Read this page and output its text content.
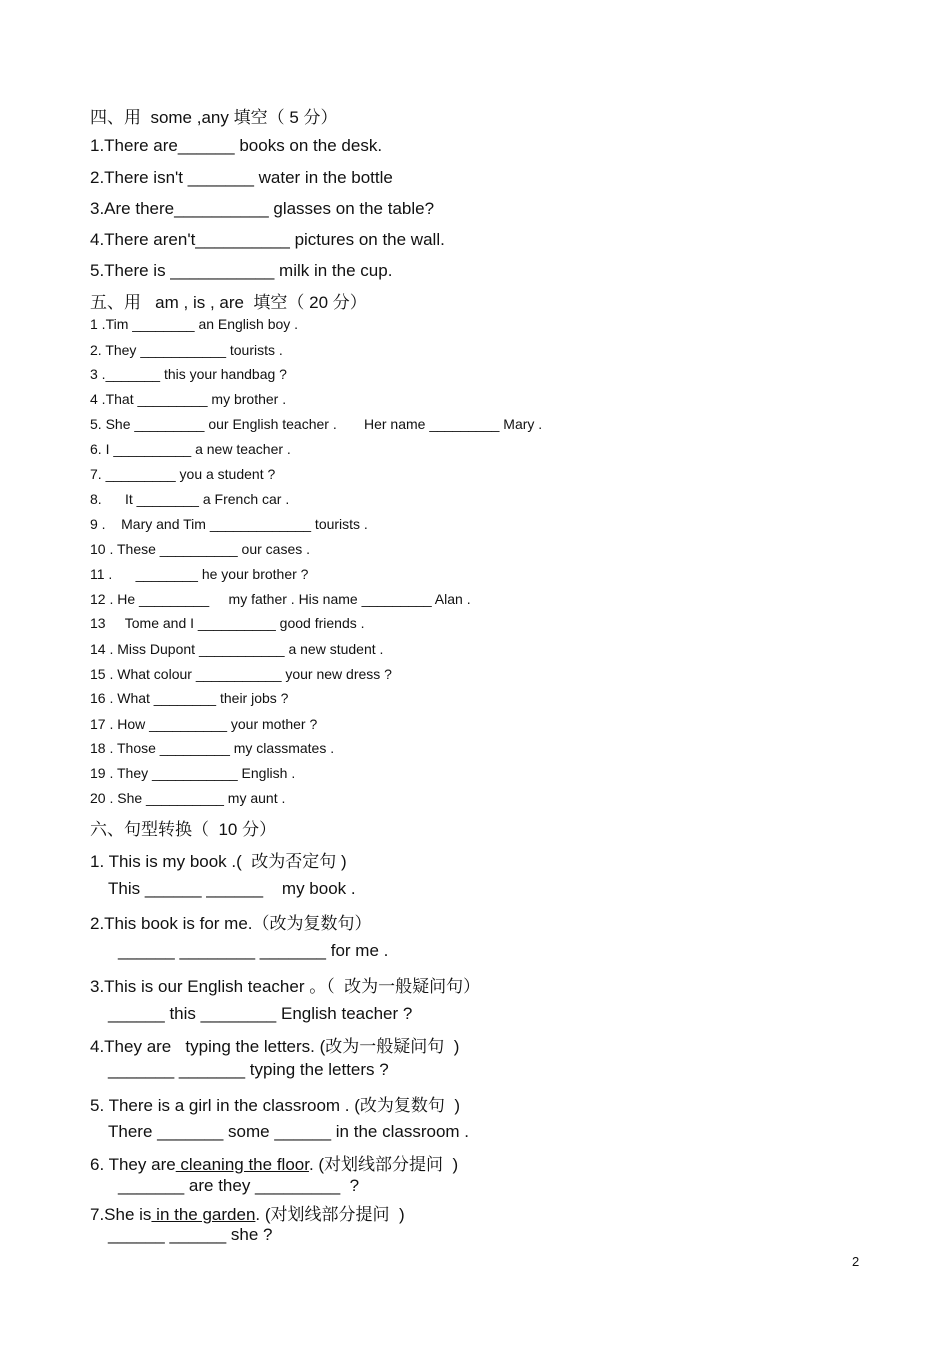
四、用  some ,any 填空（ 5 分）

1.There are______ books on the desk.

2.There isn't _______ water in the bottle

3.Are there__________ glasses on the table?

4.There aren't__________ pictures on the wall.

5.There is ___________ milk in the cup.

五、用   am , is , are  填空（ 20 分）

1 .Tim ________ an English boy .

2. They ___________ tourists .

3 ._______ this your handbag ?

4 .That _________ my brother .

5. She _________ our English teacher .       Her name _________ Mary .

6. I __________ a new teacher .

7. _________ you a student ?

8.      It ________ a French car .

9 .    Mary and Tim _____________ tourists .

10 . These __________ our cases .

11 .      ________ he your brother ?

12 . He _________     my father . His name _________ Alan .

13     Tome and I __________ good friends .

14 . Miss Dupont ___________ a new student .

15 . What colour ___________ your new dress ?

16 . What ________ their jobs ?

17 . How __________ your mother ?

18 . Those _________ my classmates .

19 . They ___________ English .

20 . She __________ my aunt .

六、句型转换（  10 分）

1. This is my book .(  改为否定句 )

This ______ ______    my book .

2.This book is for me.（改为复数句）

______ ________ _______ for me .

3.This is our English teacher 。（  改为一般疑问句）

______ this ________ English teacher ?

4.They are   typing the letters. (改为一般疑问句  )

_______ _______ typing the letters ?

5. There is a girl in the classroom . (改为复数句  )

There _______ some ______ in the classroom .

6. They are cleaning the floor. (对划线部分提问  )

_______ are they _________  ?

7.She is in the garden. (对划线部分提问  )

______ ______ she ?

2
